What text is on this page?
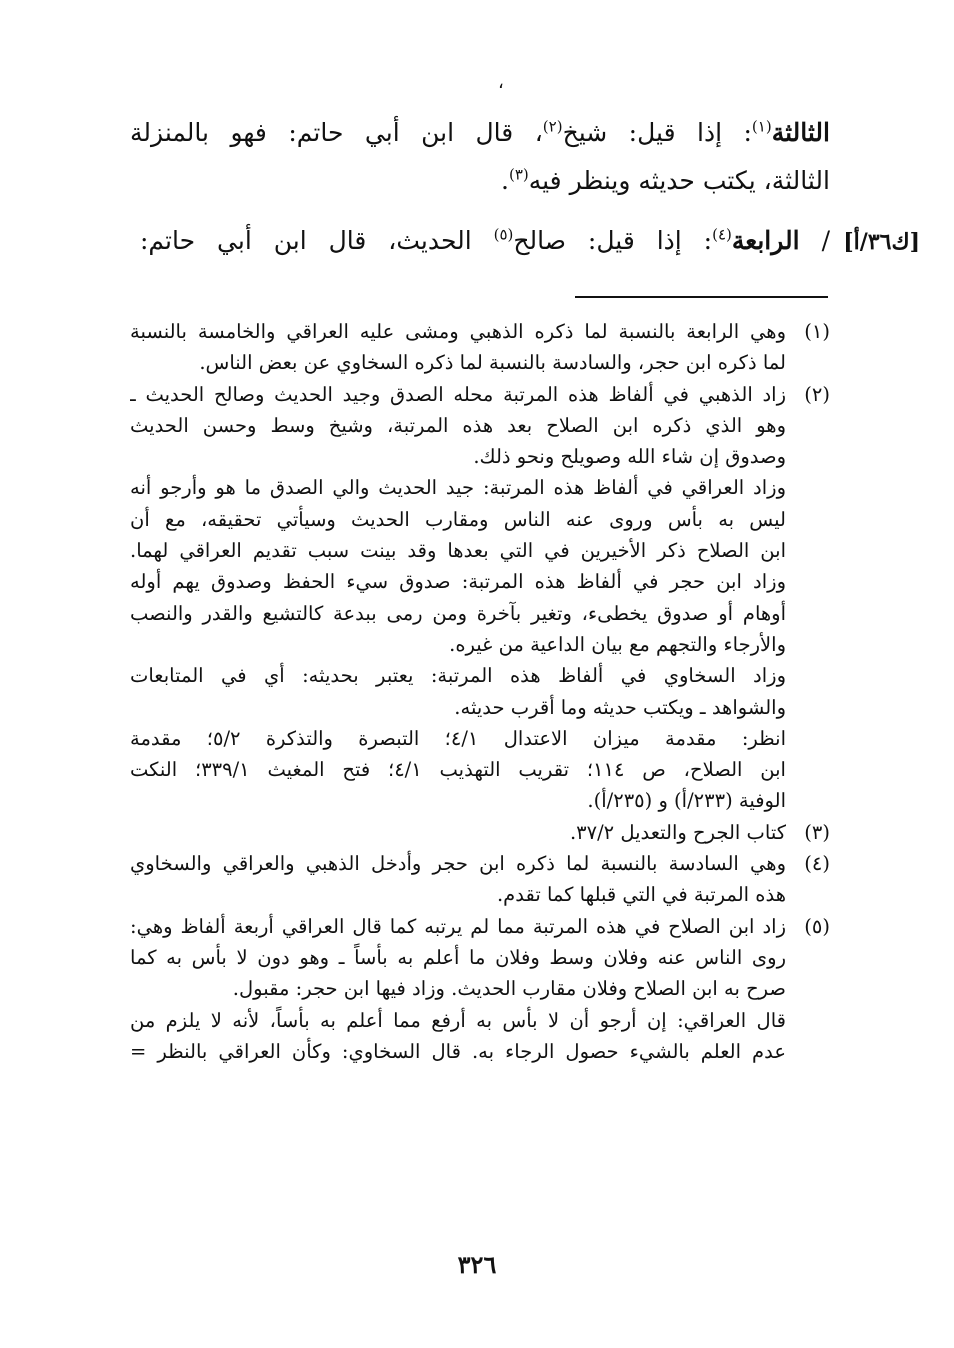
،
الثالثة$^{(١)}$: إذا قيل: شيخ$^{(٢)}$، قال ابن أبي حاتم: فهو بالمنزلة
الثالثة، يكتب حديثه وينظر فيه$^{(٣)}$.
[ك٣٦/أ]
/ الرابعة$^{(٤)}$: إذا قيل: صالح$^{(٥)}$ الحديث، قال ابن أبي حاتم:
(١)
وهي الرابعة بالنسبة لما ذكره الذهبي ومشى عليه العراقي والخامسة بالنسبة
لما ذكره ابن حجر، والسادسة بالنسبة لما ذكره السخاوي عن بعض الناس.
(٢)
زاد الذهبي في ألفاظ هذه المرتبة محله الصدق وجيد الحديث وصالح الحديث ـ
وهو الذي ذكره ابن الصلاح بعد هذه المرتبة، وشيخ وسط وحسن الحديث
وصدوق إن شاء الله وصويلح ونحو ذلك.
وزاد العراقي في ألفاظ هذه المرتبة: جيد الحديث والي الصدق ما هو وأرجو أنه
ليس به بأس وروى عنه الناس ومقارب الحديث وسيأتي تحقيقه، مع أن
ابن الصلاح ذكر الأخيرين في التي بعدها وقد بينت سبب تقديم العراقي لهما.
وزاد ابن حجر في ألفاظ هذه المرتبة: صدوق سيء الحفظ وصدوق يهم أوله
أوهام أو صدوق يخطىء، وتغير بآخرة ومن رمى ببدعة كالتشيع والقدر والنصب
والأرجاء والتجهم مع بيان الداعية من غيره.
وزاد السخاوي في ألفاظ هذه المرتبة: يعتبر بحديثه: أي في المتابعات
والشواهد ـ ويكتب حديثه وما أقرب حديثه.
انظر: مقدمة ميزان الاعتدال ٤/١؛ التبصرة والتذكرة ٥/٢؛ مقدمة
ابن الصلاح، ص ١١٤؛ تقريب التهذيب ٤/١؛ فتح المغيث ٣٣٩/١؛ النكت
الوفية (٢٣٣/أ) و (٢٣٥/أ).
(٣)
كتاب الجرح والتعديل ٣٧/٢.
(٤)
وهي السادسة بالنسبة لما ذكره ابن حجر وأدخل الذهبي والعراقي والسخاوي
هذه المرتبة في التي قبلها كما تقدم.
(٥)
زاد ابن الصلاح في هذه المرتبة مما لم يرتبه كما قال العراقي أربعة ألفاظ وهي:
روى الناس عنه وفلان وسط وفلان ما أعلم به بأساً ـ وهو دون لا بأس به كما
صرح به ابن الصلاح وفلان مقارب الحديث. وزاد فيها ابن حجر: مقبول.
قال العراقي: إن أرجو أن لا بأس به أرفع مما أعلم به بأساً، لأنه لا يلزم من
عدم العلم بالشيء حصول الرجاء به. قال السخاوي: وكأن العراقي بالنظر =
٣٢٦
